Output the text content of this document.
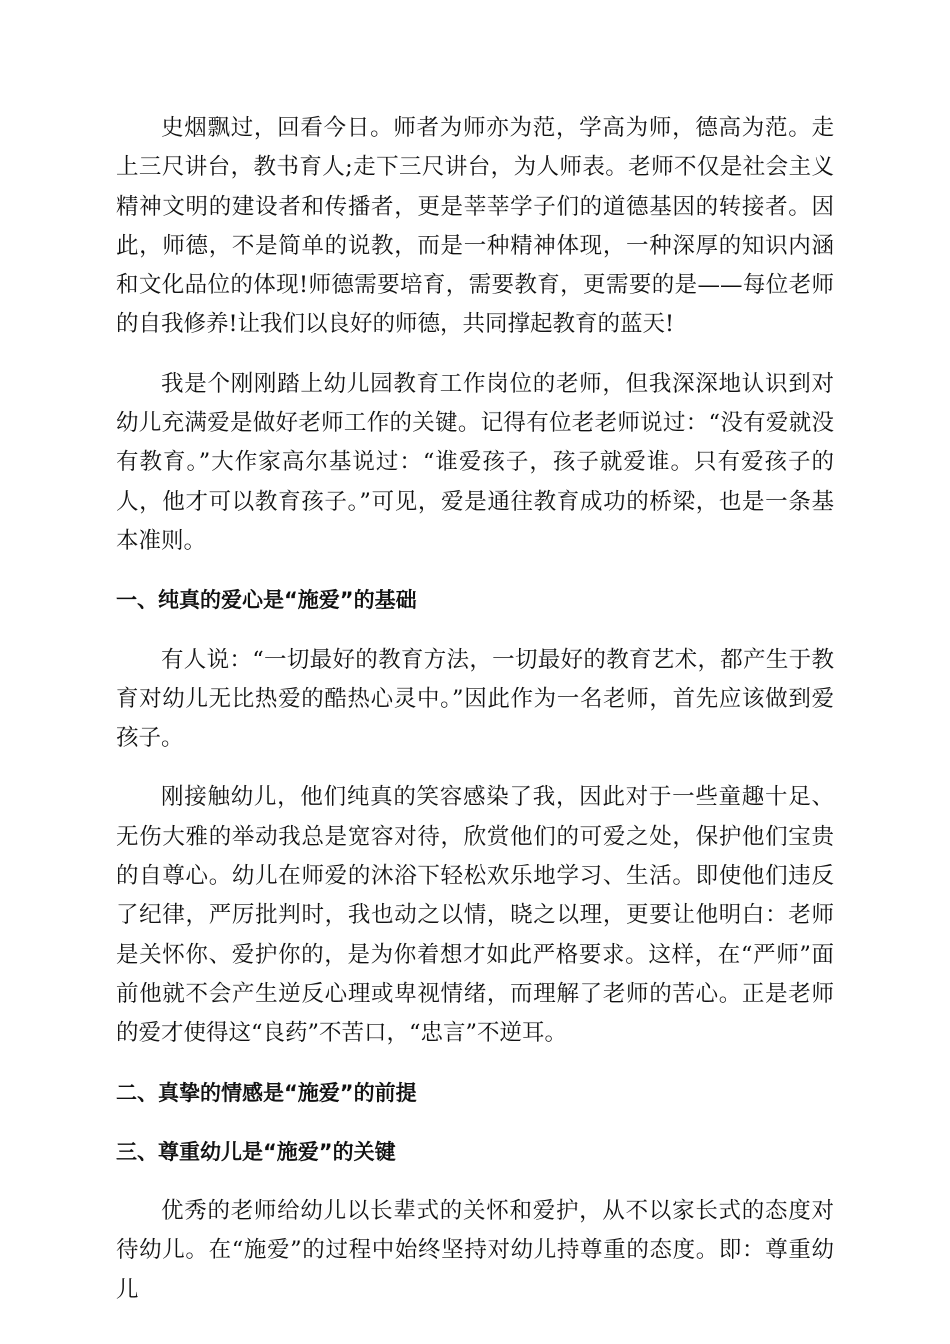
史烟飘过，回看今日。师者为师亦为范，学高为师，德高为范。走上三尺讲台，教书育人;走下三尺讲台，为人师表。老师不仅是社会主义精神文明的建设者和传播者，更是莘莘学子们的道德基因的转接者。因此，师德，不是简单的说教，而是一种精神体现，一种深厚的知识内涵和文化品位的体现!师德需要培育，需要教育，更需要的是——每位老师的自我修养!让我们以良好的师德，共同撑起教育的蓝天!

我是个刚刚踏上幼儿园教育工作岗位的老师，但我深深地认识到对幼儿充满爱是做好老师工作的关键。记得有位老老师说过：“没有爱就没有教育。”大作家高尔基说过：“谁爱孩子，孩子就爱谁。只有爱孩子的人，他才可以教育孩子。”可见，爱是通往教育成功的桥梁，也是一条基本准则。

一、纯真的爱心是“施爱”的基础

有人说：“一切最好的教育方法，一切最好的教育艺术，都产生于教育对幼儿无比热爱的酷热心灵中。”因此作为一名老师，首先应该做到爱孩子。

刚接触幼儿，他们纯真的笑容感染了我，因此对于一些童趣十足、无伤大雅的举动我总是宽容对待，欣赏他们的可爱之处，保护他们宝贵的自尊心。幼儿在师爱的沐浴下轻松欢乐地学习、生活。即使他们违反了纪律，严厉批判时，我也动之以情，晓之以理，更要让他明白：老师是关怀你、爱护你的，是为你着想才如此严格要求。这样，在“严师”面前他就不会产生逆反心理或卑视情绪，而理解了老师的苦心。正是老师的爱才使得这“良药”不苦口，“忠言”不逆耳。

二、真挚的情感是“施爱”的前提

三、尊重幼儿是“施爱”的关键

优秀的老师给幼儿以长辈式的关怀和爱护，从不以家长式的态度对待幼儿。在“施爱”的过程中始终坚持对幼儿持尊重的态度。即：尊重幼儿
